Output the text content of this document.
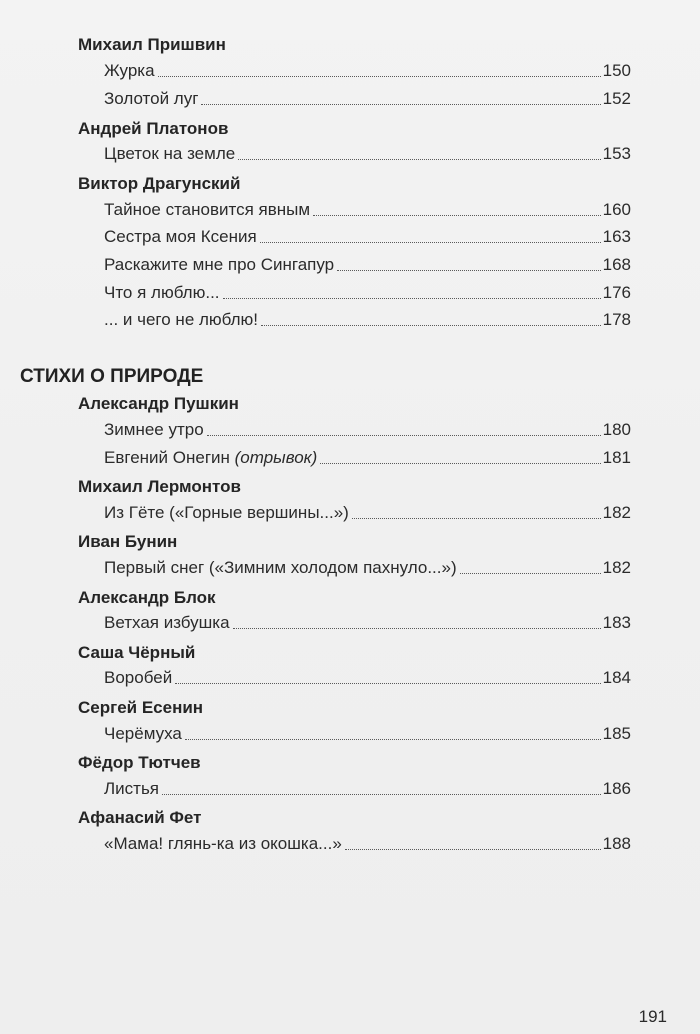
Михаил Пришвин
Журка	150
Золотой луг	152
Андрей Платонов
Цветок на земле	153
Виктор Драгунский
Тайное становится явным	160
Сестра моя Ксения	163
Раскажите мне про Сингапур	168
Что я люблю...	176
... и чего не люблю!	178
СТИХИ О ПРИРОДЕ
Александр Пушкин
Зимнее утро	180
Евгений Онегин (отрывок)	181
Михаил Лермонтов
Из Гёте («Горные вершины...»)	182
Иван Бунин
Первый снег («Зимним холодом пахнуло...»)	182
Александр Блок
Ветхая избушка	183
Саша Чёрный
Воробей	184
Сергей Есенин
Черёмуха	185
Фёдор Тютчев
Листья	186
Афанасий Фет
«Мама! глянь-ка из окошка...»	188
191
